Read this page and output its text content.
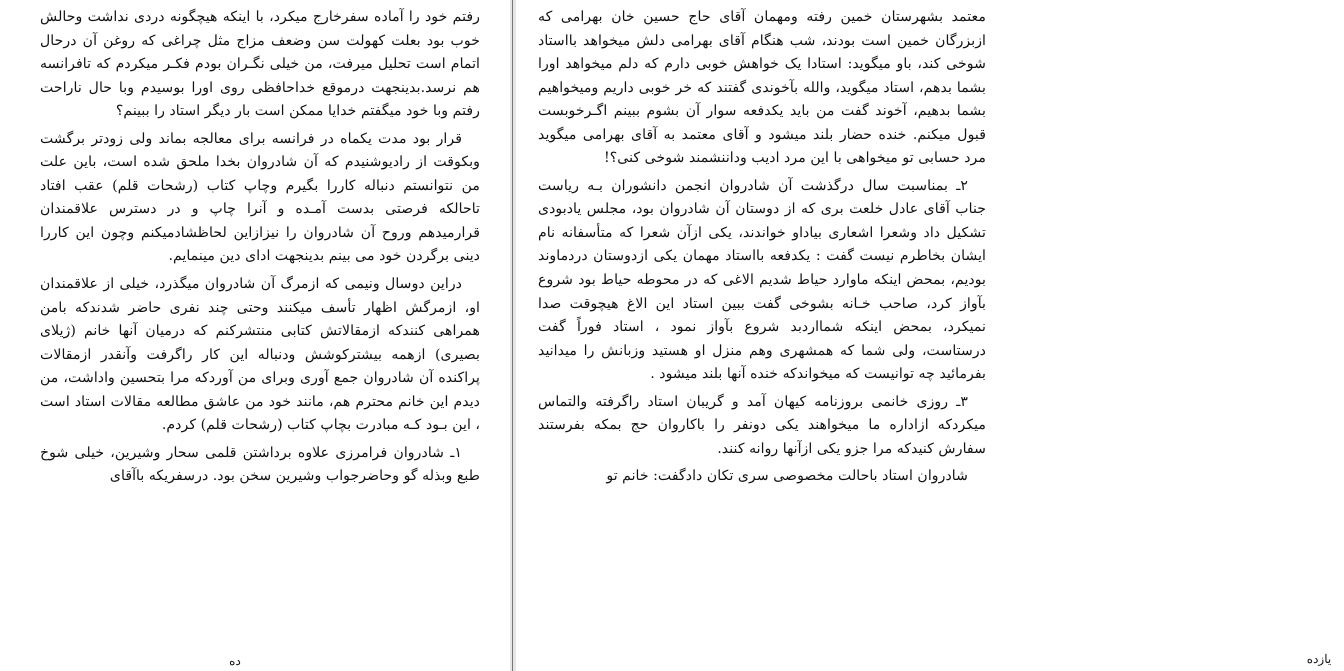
رفتم خود را آماده سفرخارج میکرد، با اینکه هیچگونه دردی نداشت وحالش خوب بود بعلت کهولت سن وضعف مزاج مثل چراغی که روغن آن درحال اتمام است تحلیل میرفت، من خیلی نگـران بودم فکـر میکردم که تافرانسه هم نرسد.بدینجهت درموقع خداحافظی روی اورا بوسیدم وبا حال ناراحت رفتم وبا خود میگفتم خدایا ممکن است بار دیگر استاد را ببینم؟

قرار بود مدت یکماه در فرانسه برای معالجه بماند ولی زودتر برگشت وبکوقت از رادیوشنیدم که آن شادروان بخدا ملحق شده است، باین علت من نتوانستم دنباله کاررا بگیرم وچاپ کتاب (رشحات قلم) عقب افتاد تاحالکه فرصتی بدست آمـده و آنرا چاپ و در دسترس علاقمندان قرارمیدهم وروح آن شادروان را نیزازاین لحاظشادمیکنم وچون این کاررا دینی برگردن خود می بینم بدینجهت ادای دین مینمایم.

دراین دوسال ونیمی که ازمرگ آن شادروان میگذرد، خیلی از علاقمندان او، ازمرگش اظهار تأسف میکنند وحتی چند نفری حاضر شدندکه بامن همراهی کنندکه ازمقالاتش کتابی منتشرکنم که درمیان آنها خانم (ژیلای بصیری) ازهمه بیشترکوشش ودنباله این کار راگرفت وآنقدر ازمقالات پراکنده آن شادروان جمع آوری وبرای من آوردکه مرا بتحسین واداشت، من دیدم این خانم محترم هم، مانند خود من عاشق مطالعه مقالات استاد است ، این بـود کـه مبادرت بچاپ کتاب (رشحات قلم) کردم.

۱ـ شادروان فرامرزی علاوه برداشتن قلمی سحار وشیرین، خیلی شوخ طبع وبذله گو وحاضرجواب وشیرین سخن بود. درسفریکه باآقای

ده

معتمد بشهرستان خمین رفته ومهمان آقای حاج حسین خان بهرامی که ازبزرگان خمین است بودند، شب هنگام آقای بهرامی دلش میخواهد بااستاد شوخی کند، باو میگوید: استادا یک خواهش خوبی دارم که دلم میخواهد اورا بشما بدهم، استاد میگوید، والله بآخوندی گفتند که خر خوبی داریم ومیخواهیم بشما بدهیم، آخوند گفت من باید یکدفعه سوار آن بشوم ببینم اگـرخوبست قبول میکنم. خنده حضار بلند میشود و آقای معتمد به آقای بهرامی میگوید مرد حسابی تو میخواهی با این مرد ادیب وداننشمند شوخی کنی؟!

۲ـ بمناسبت سال درگذشت آن شادروان انجمن دانشوران بـه ریاست جناب آقای عادل خلعت بری که از دوستان آن شادروان بود، مجلس یادبودی تشکیل داد وشعرا اشعاری بیاداو خواندند، یکی ازآن شعرا که متأسفانه نام ایشان بخاطرم نیست گفت : یکدفعه بااستاد مهمان یکی ازدوستان دردماوند بودیم، بمحض اینکه ماوارد حیاط شدیم الاغی که در محوطه حیاط بود شروع بآواز کرد، صاحب خـانه بشوخی گفت ببین استاد این الاغ هیچوقت صدا نمیکرد، بمحض اینکه شمااردبد شروع بآواز نمود ، استاد فوراً گفت درستاست، ولی شما که همشهری وهم منزل او هستید وزبانش را میدانید بفرمائید چه توانیست که میخواندکه خنده آنها بلند میشود .

۳ـ روزی خانمی بروزنامه کیهان آمد و گریبان استاد راگرفته والتماس میکردکه ازاداره ما میخواهند یکی دونفر را باکاروان حج بمکه بفرستند سفارش کنیدکه مرا جزو یکی ازآنها روانه کنند.

شادروان استاد باحالت مخصوصی سری تکان دادگفت: خانم تو

یازده
